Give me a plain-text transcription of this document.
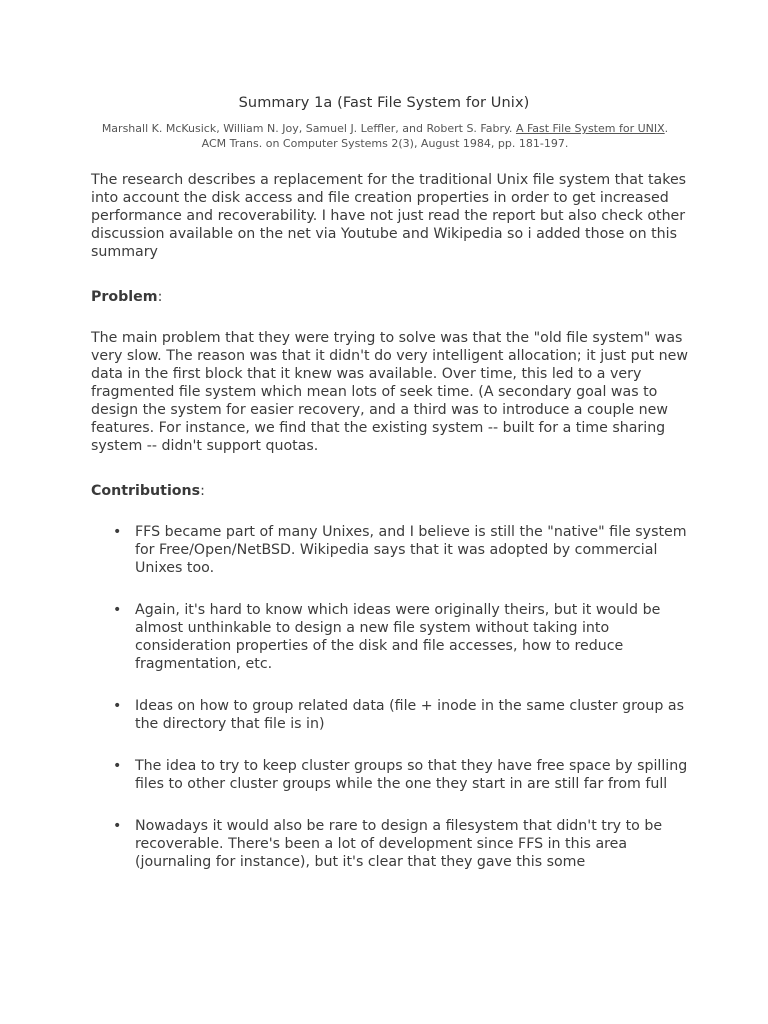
Summary 1a (Fast File System for Unix)

Marshall K. McKusick, William N. Joy, Samuel J. Leffler, and Robert S. Fabry. A Fast File System for UNIX. ACM Trans. on Computer Systems 2(3), August 1984, pp. 181-197.

The research describes a replacement for the traditional Unix file system that takes into account the disk access and file creation properties in order to get increased performance and recoverability. I have not just read the report but also check other discussion available on the net via Youtube and Wikipedia so i added those on this summary

Problem:

The main problem that they were trying to solve was that the "old file system" was very slow. The reason was that it didn't do very intelligent allocation; it just put new data in the first block that it knew was available. Over time, this led to a very fragmented file system which mean lots of seek time. (A secondary goal was to design the system for easier recovery, and a third was to introduce a couple new features. For instance, we find that the existing system -- built for a time sharing system -- didn't support quotas.

Contributions:

• FFS became part of many Unixes, and I believe is still the "native" file system for Free/Open/NetBSD. Wikipedia says that it was adopted by commercial Unixes too.
• Again, it's hard to know which ideas were originally theirs, but it would be almost unthinkable to design a new file system without taking into consideration properties of the disk and file accesses, how to reduce fragmentation, etc.
• Ideas on how to group related data (file + inode in the same cluster group as the directory that file is in)
• The idea to try to keep cluster groups so that they have free space by spilling files to other cluster groups while the one they start in are still far from full
• Nowadays it would also be rare to design a filesystem that didn't try to be recoverable. There's been a lot of development since FFS in this area (journaling for instance), but it's clear that they gave this some
